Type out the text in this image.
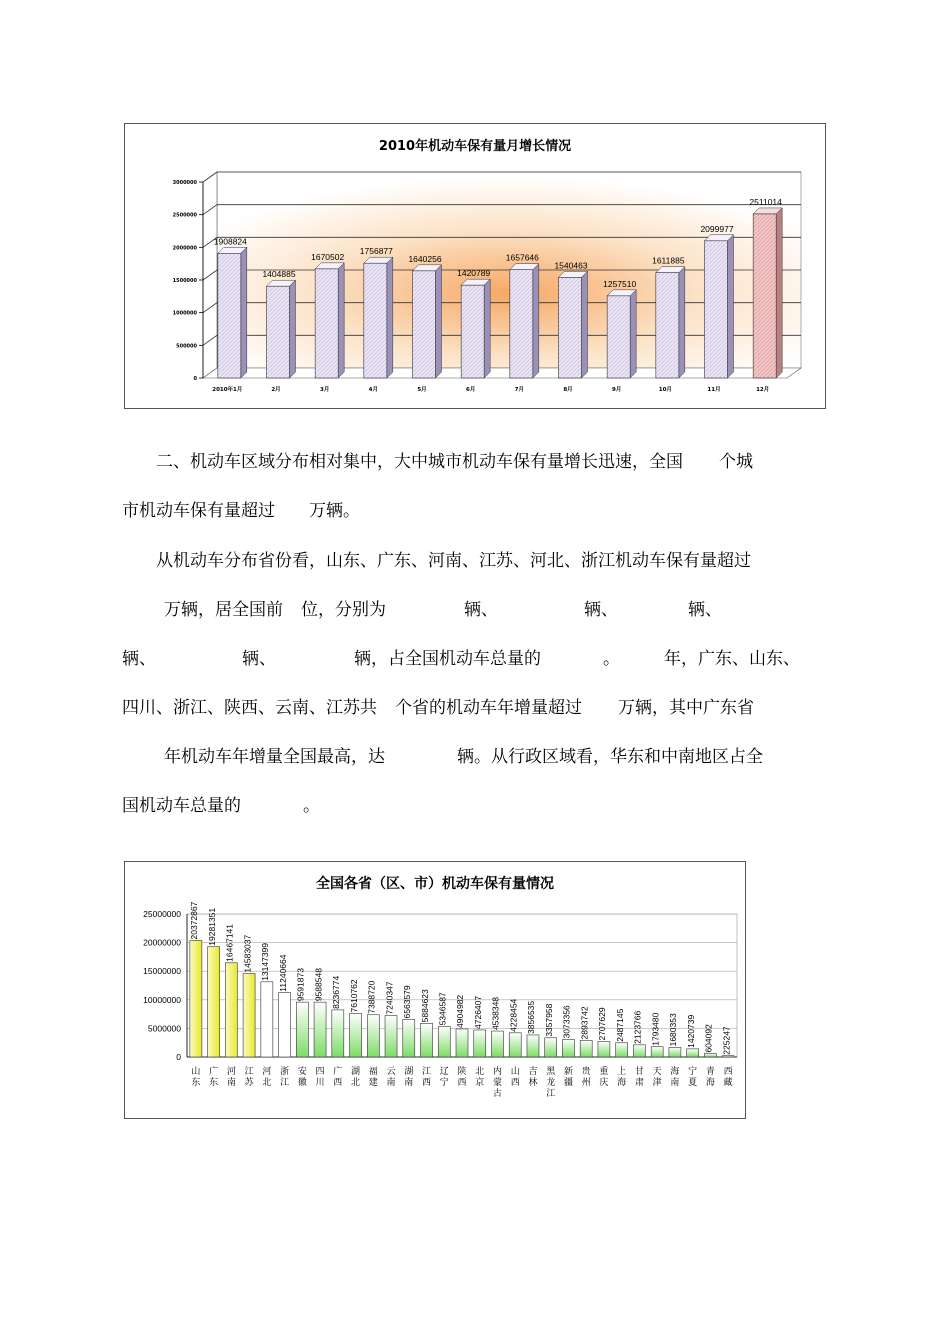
2010年机动车保有量月增长情况
0
500000
1000000
1500000
2000000
2500000
3000000
1908824
2010年1月
1404885
2月
1670502
3月
1756877
4月
1640256
5月
1420789
6月
1657646
7月
1540463
8月
1257510
9月
1611885
10月
2099977
11月
2511014
12月

二、机动车区域分布相对集中，大中城市机动车保有量增长迅速，全国 个城

市机动车保有量超过 万辆。

从机动车分布省份看，山东、广东、河南、江苏、河北、浙江机动车保有量超过

万辆，居全国前 位，分别为	辆、	辆、	辆、

辆、	辆、	辆，占全国机动车总量的	。	年，广东、山东、

四川、浙江、陕西、云南、江苏共 个省的机动车年增量超过 万辆，其中广东省

年机动车年增量全国最高，达	辆。从行政区域看，华东和中南地区占全

国机动车总量的	。

全国各省（区、市）机动车保有量情况
0
5000000
10000000
15000000
20000000
25000000 20372867
山东
19281351
广东
16467141
河南
14583037
江苏
13147399
河北
11240664
浙江
9591873
安徽
9588548
四川
8236774
广西
7610762
湖北
7388720
福建
7240347
云南
6563579
湖南
5884623
江西
5346587
辽宁
4904982
陕西
4726407
北京
4538348
内蒙古
4228454
山西
3856535
吉林
3357958
黑龙江
3073356
新疆
2893742
贵州
2707629
重庆
2487145
上海
2123766
甘肃
1793480
天津
1680353
海南
1420739
宁夏
604092
青海
225247
西藏
